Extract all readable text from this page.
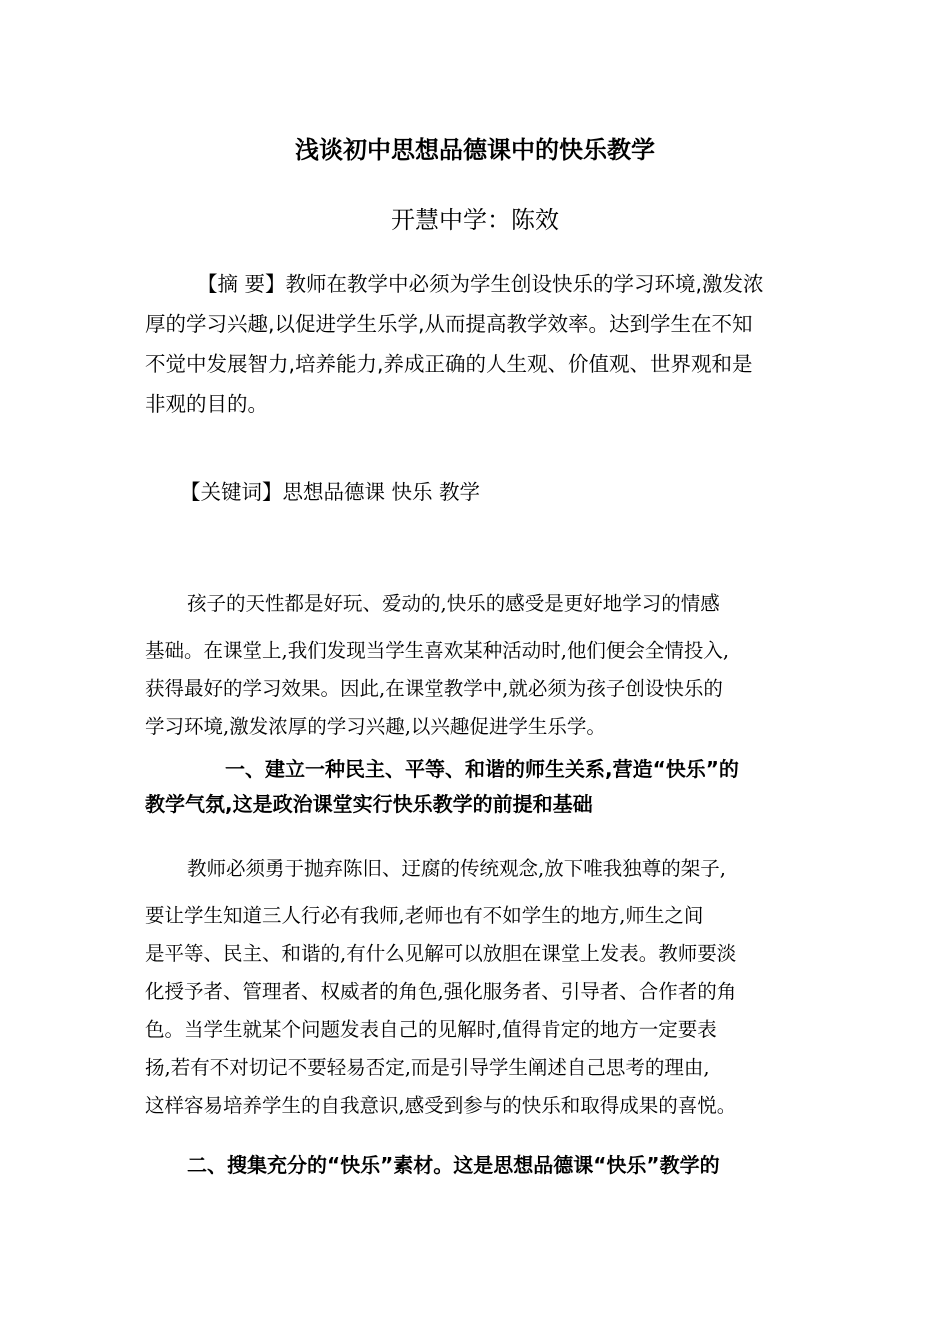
浅谈初中思想品德课中的快乐教学
开慧中学：陈效
【摘 要】教师在教学中必须为学生创设快乐的学习环境,激发浓
厚的学习兴趣,以促进学生乐学,从而提高教学效率。达到学生在不知
不觉中发展智力,培养能力,养成正确的人生观、价值观、世界观和是
非观的目的。
【关键词】思想品德课 快乐 教学
孩子的天性都是好玩、爱动的,快乐的感受是更好地学习的情感
基础。在课堂上,我们发现当学生喜欢某种活动时,他们便会全情投入,
获得最好的学习效果。因此,在课堂教学中,就必须为孩子创设快乐的
学习环境,激发浓厚的学习兴趣,以兴趣促进学生乐学。
一、建立一种民主、平等、和谐的师生关系,营造“快乐”的
教学气氛,这是政治课堂实行快乐教学的前提和基础
教师必须勇于抛弃陈旧、迂腐的传统观念,放下唯我独尊的架子,
要让学生知道三人行必有我师,老师也有不如学生的地方,师生之间
是平等、民主、和谐的,有什么见解可以放胆在课堂上发表。教师要淡
化授予者、管理者、权威者的角色,强化服务者、引导者、合作者的角
色。当学生就某个问题发表自己的见解时,值得肯定的地方一定要表
扬,若有不对切记不要轻易否定,而是引导学生阐述自己思考的理由,
这样容易培养学生的自我意识,感受到参与的快乐和取得成果的喜悦。
二、搜集充分的“快乐”素材。这是思想品德课“快乐”教学的
